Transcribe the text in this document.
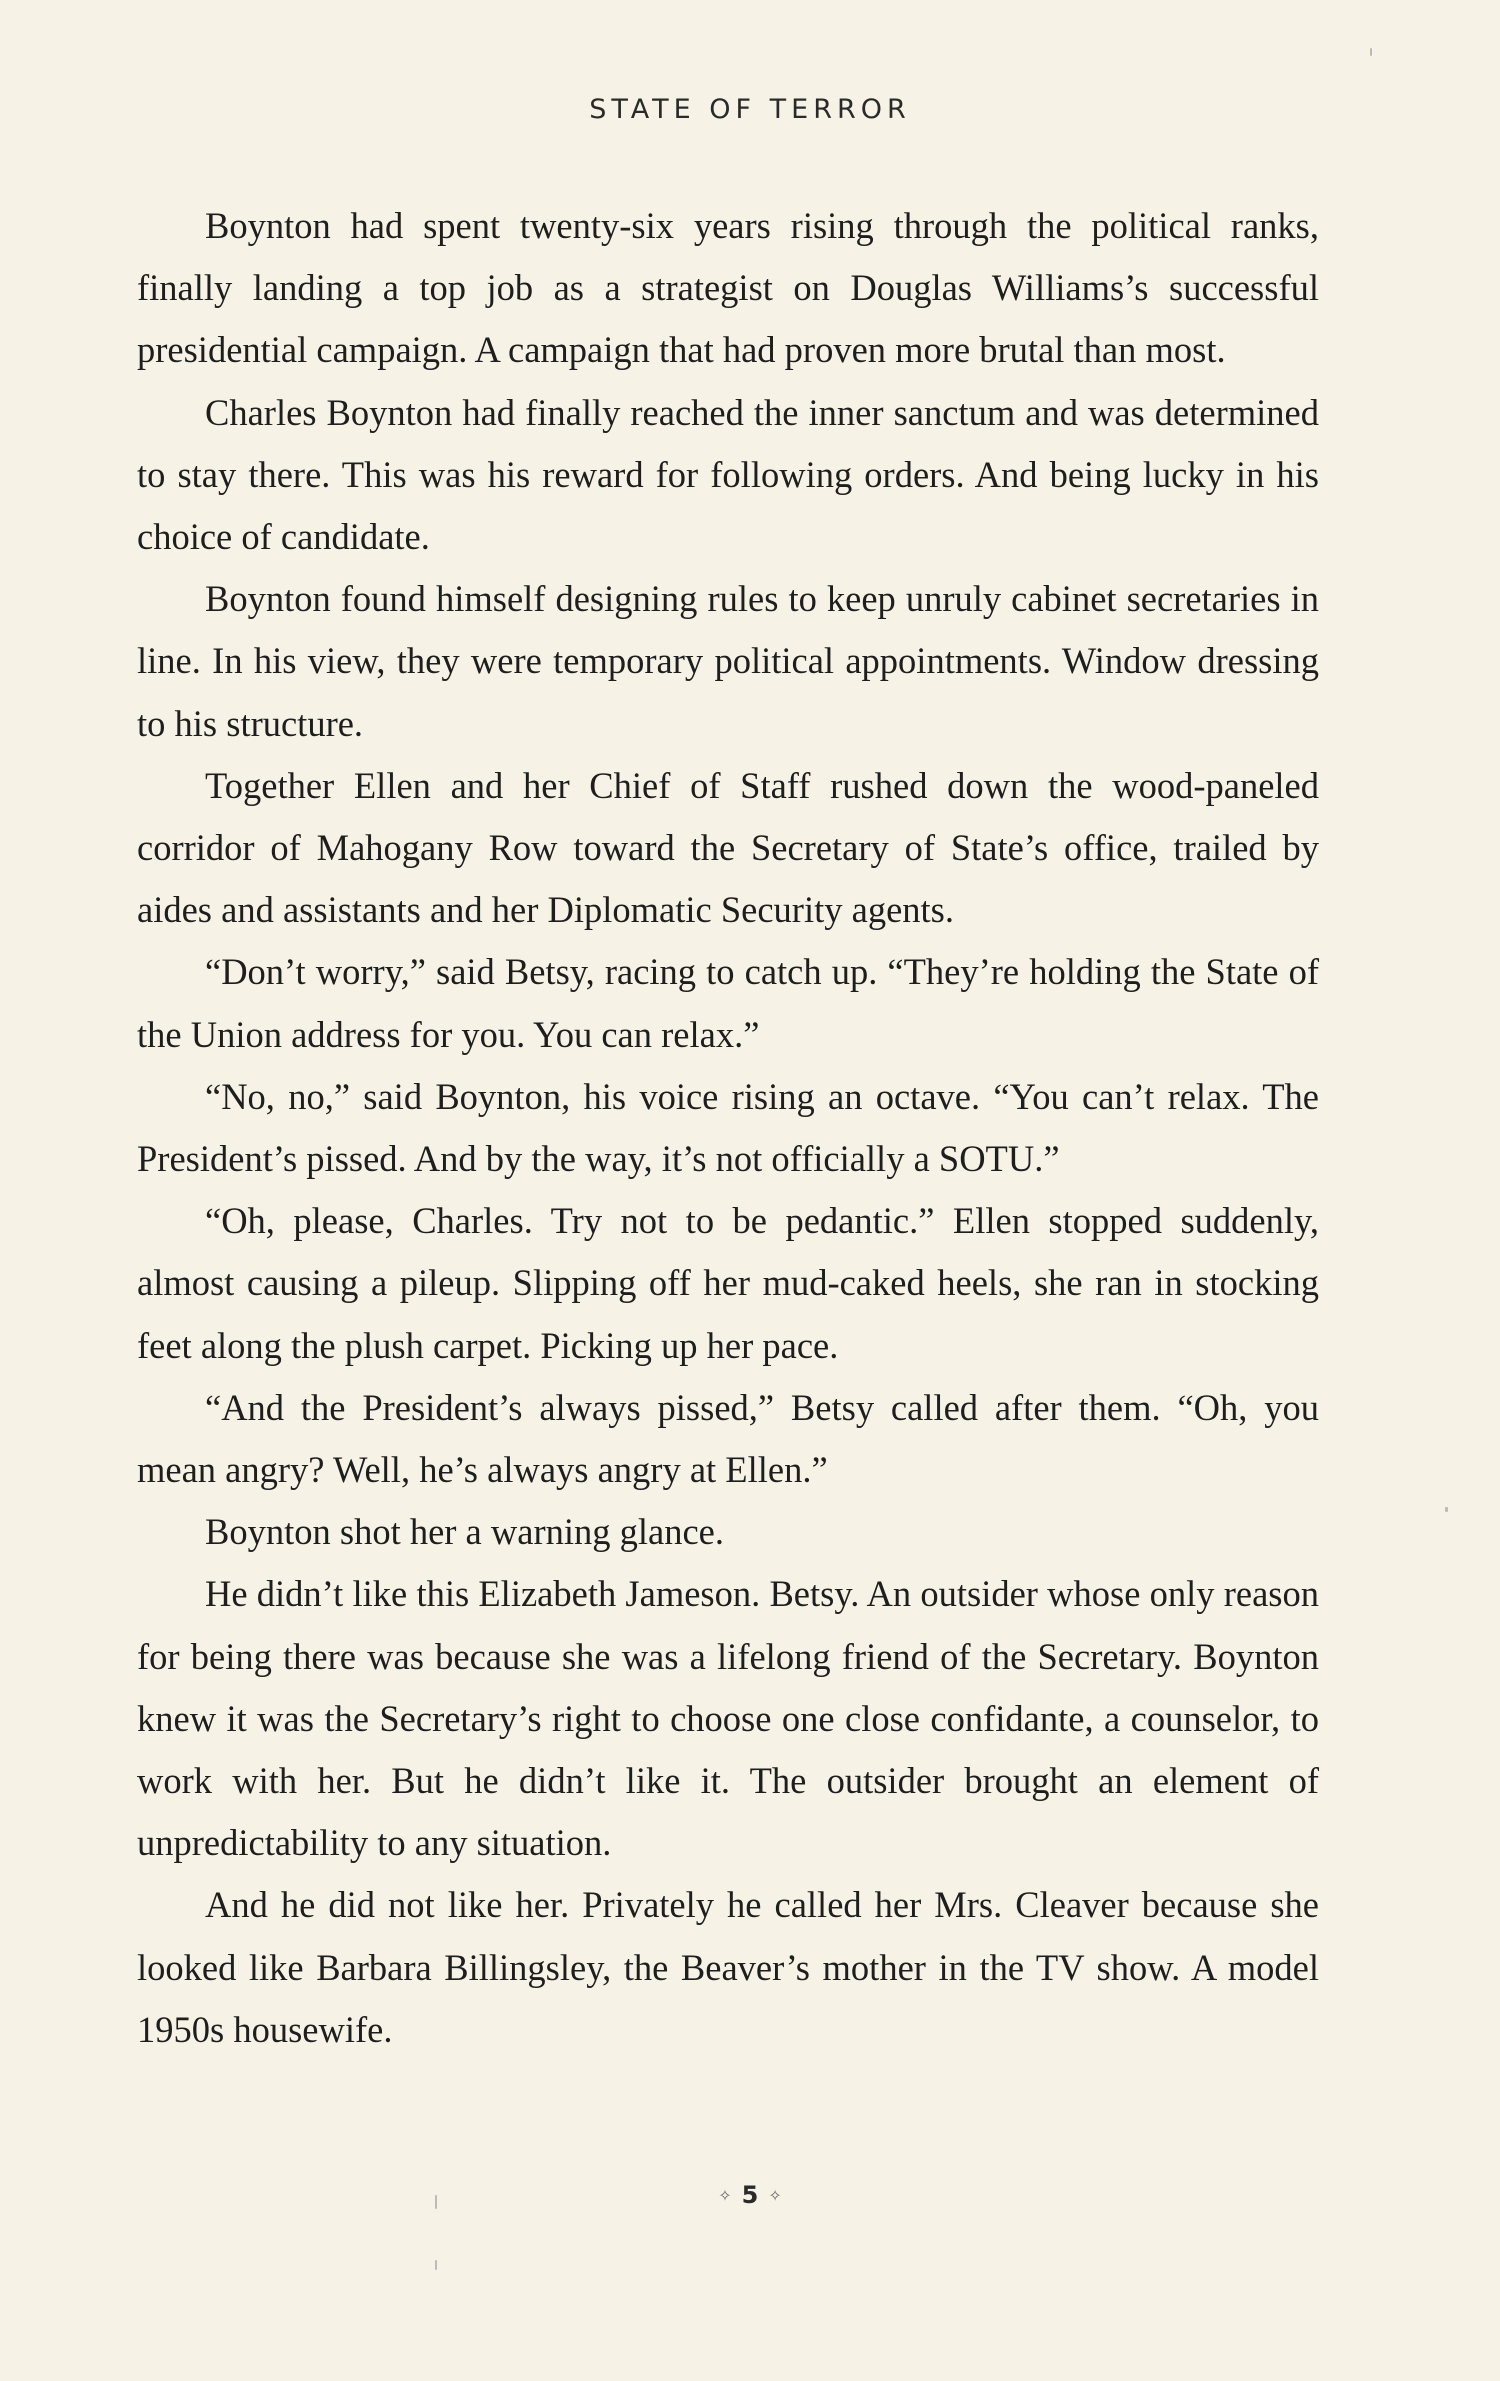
STATE OF TERROR

Boynton had spent twenty-six years rising through the political ranks, finally landing a top job as a strategist on Douglas Williams’s successful presidential campaign. A campaign that had proven more brutal than most.

Charles Boynton had finally reached the inner sanctum and was determined to stay there. This was his reward for following orders. And being lucky in his choice of candidate.

Boynton found himself designing rules to keep unruly cabinet secretaries in line. In his view, they were temporary political appointments. Window dressing to his structure.

Together Ellen and her Chief of Staff rushed down the wood-paneled corridor of Mahogany Row toward the Secretary of State’s office, trailed by aides and assistants and her Diplomatic Security agents.

“Don’t worry,” said Betsy, racing to catch up. “They’re holding the State of the Union address for you. You can relax.”

“No, no,” said Boynton, his voice rising an octave. “You can’t relax. The President’s pissed. And by the way, it’s not officially a SOTU.”

“Oh, please, Charles. Try not to be pedantic.” Ellen stopped suddenly, almost causing a pileup. Slipping off her mud-caked heels, she ran in stocking feet along the plush carpet. Picking up her pace.

“And the President’s always pissed,” Betsy called after them. “Oh, you mean angry? Well, he’s always angry at Ellen.”

Boynton shot her a warning glance.

He didn’t like this Elizabeth Jameson. Betsy. An outsider whose only reason for being there was because she was a lifelong friend of the Secretary. Boynton knew it was the Secretary’s right to choose one close confidante, a counselor, to work with her. But he didn’t like it. The outsider brought an element of unpredictability to any situation.

And he did not like her. Privately he called her Mrs. Cleaver because she looked like Barbara Billingsley, the Beaver’s mother in the TV show. A model 1950s housewife.

✧ 5 ✧
